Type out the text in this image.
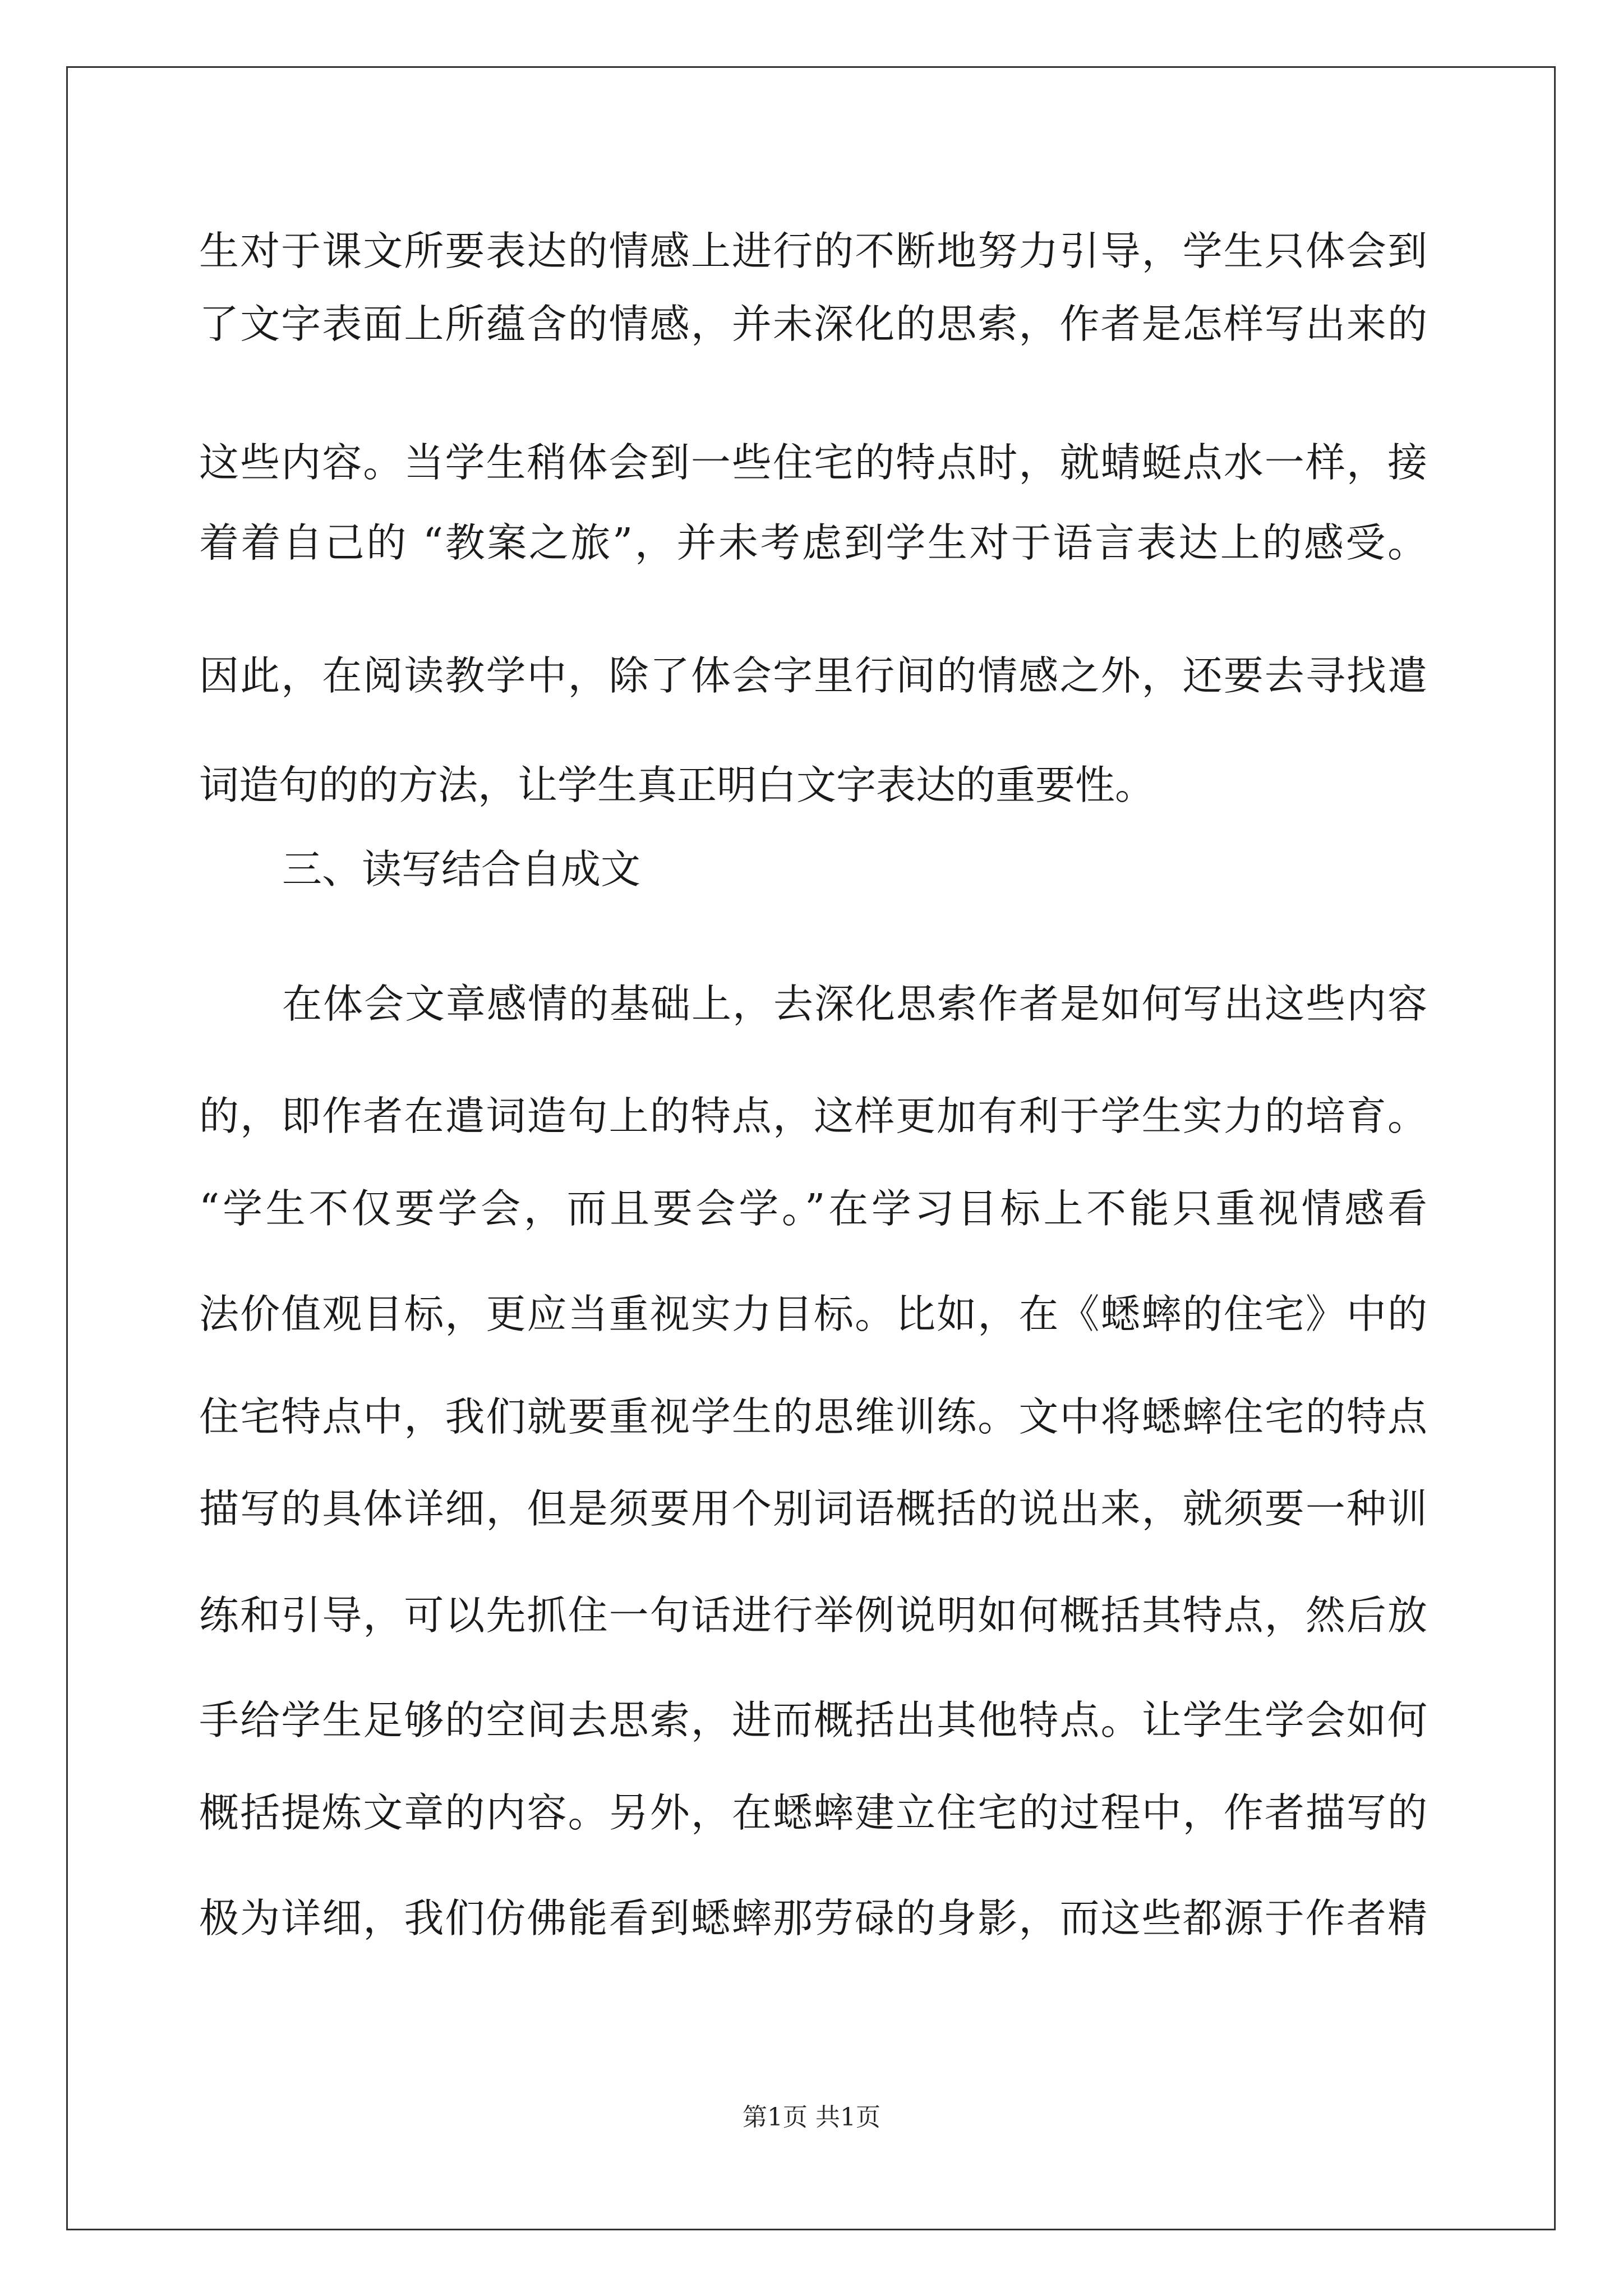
生对于课文所要表达的情感上进行的不断地努力引导，学生只体会到
了文字表面上所蕴含的情感，并未深化的思索，作者是怎样写出来的
这些内容。当学生稍体会到一些住宅的特点时，就蜻蜓点水一样，接
着着自己的 “教案之旅”，并未考虑到学生对于语言表达上的感受。
因此，在阅读教学中，除了体会字里行间的情感之外，还要去寻找遣
词造句的的方法，让学生真正明白文字表达的重要性。
三、读写结合自成文
在体会文章感情的基础上，去深化思索作者是如何写出这些内容
的，即作者在遣词造句上的特点，这样更加有利于学生实力的培育。
“学生不仅要学会，而且要会学。”在学习目标上不能只重视情感看
法价值观目标，更应当重视实力目标。比如，在《蟋蟀的住宅》中的
住宅特点中，我们就要重视学生的思维训练。文中将蟋蟀住宅的特点
描写的具体详细，但是须要用个别词语概括的说出来，就须要一种训
练和引导，可以先抓住一句话进行举例说明如何概括其特点，然后放
手给学生足够的空间去思索，进而概括出其他特点。让学生学会如何
概括提炼文章的内容。另外，在蟋蟀建立住宅的过程中，作者描写的
极为详细，我们仿佛能看到蟋蟀那劳碌的身影，而这些都源于作者精
第1页 共1页
